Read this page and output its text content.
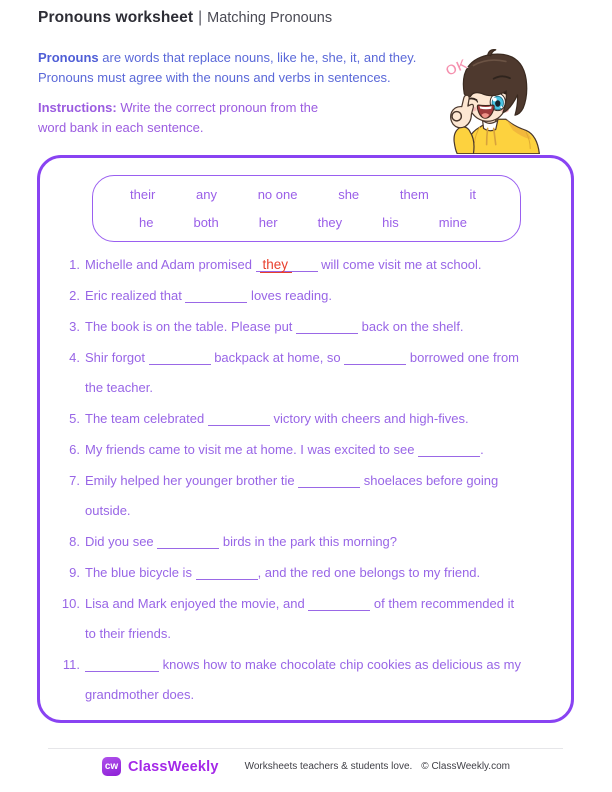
Pronouns worksheet | Matching Pronouns

Pronouns are words that replace nouns, like he, she, it, and they.
Pronouns must agree with the nouns and verbs in sentences.

Instructions: Write the correct pronoun from the
word bank in each sentence.

OK
their	any	no one	she	them	it
he	both	her	they	his	mine
1. Michelle and Adam promised they	will come visit me at school.
2. Eric realized that	loves reading.
3. The book is on the table. Please put	back on the shelf.
4. Shir forgot	backpack at home, so	borrowed one from
the teacher.
5. The team celebrated	victory with cheers and high-fives.
6. My friends came to visit me at home. I was excited to see	.
7. Emily helped her younger brother tie	shoelaces before going
outside.
8. Did you see	birds in the park this morning?
9. The blue bicycle is	, and the red one belongs to my friend.
10. Lisa and Mark enjoyed the movie, and	of them recommended it
to their friends.
11.	knows how to make chocolate chip cookies as delicious as my
grandmother does.
cw ClassWeekly	Worksheets teachers & students love. © ClassWeekly.com
